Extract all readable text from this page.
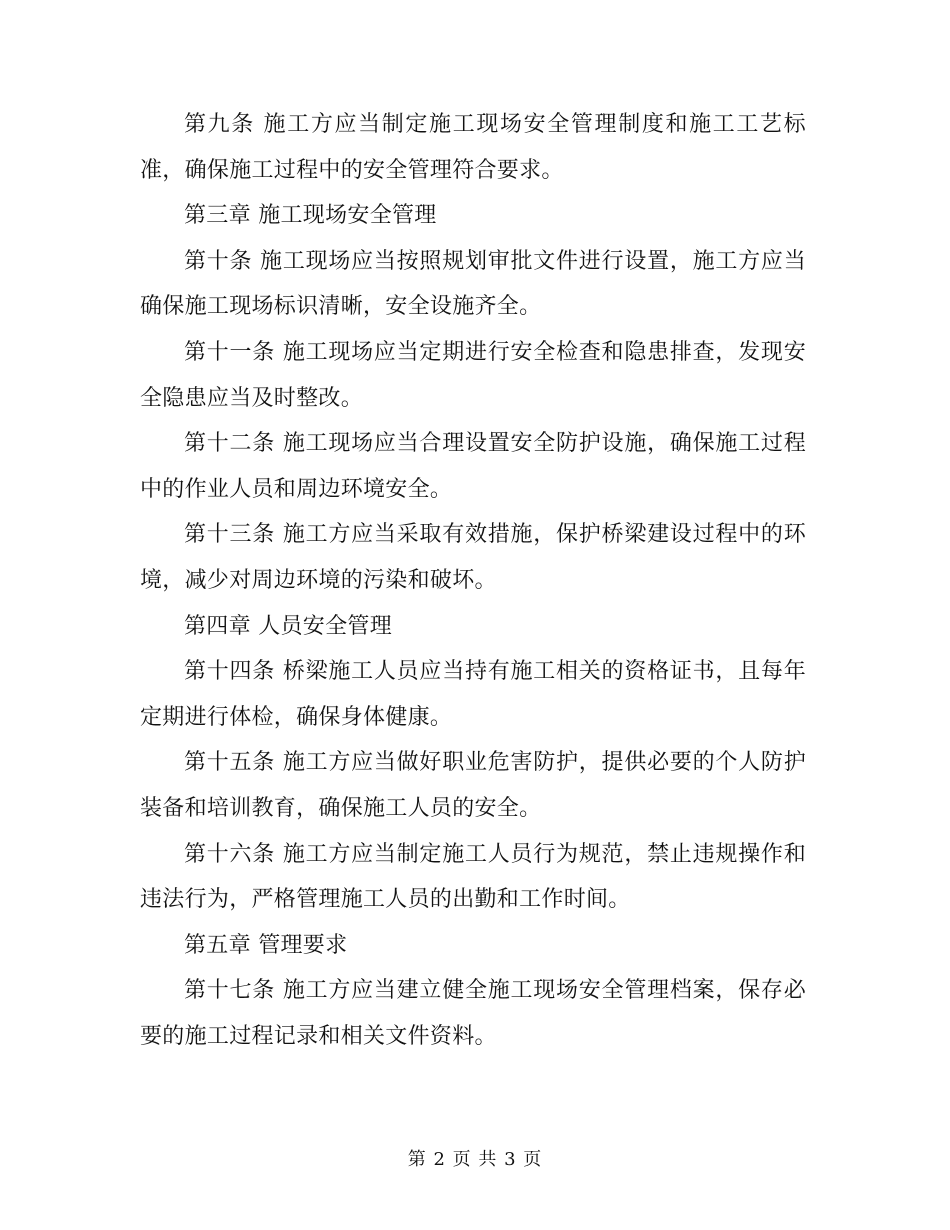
第九条 施工方应当制定施工现场安全管理制度和施工工艺标准，确保施工过程中的安全管理符合要求。

第三章 施工现场安全管理

第十条 施工现场应当按照规划审批文件进行设置，施工方应当确保施工现场标识清晰，安全设施齐全。

第十一条 施工现场应当定期进行安全检查和隐患排查，发现安全隐患应当及时整改。

第十二条 施工现场应当合理设置安全防护设施，确保施工过程中的作业人员和周边环境安全。

第十三条 施工方应当采取有效措施，保护桥梁建设过程中的环境，减少对周边环境的污染和破坏。

第四章 人员安全管理

第十四条 桥梁施工人员应当持有施工相关的资格证书，且每年定期进行体检，确保身体健康。

第十五条 施工方应当做好职业危害防护，提供必要的个人防护装备和培训教育，确保施工人员的安全。

第十六条 施工方应当制定施工人员行为规范，禁止违规操作和违法行为，严格管理施工人员的出勤和工作时间。

第五章 管理要求

第十七条 施工方应当建立健全施工现场安全管理档案，保存必要的施工过程记录和相关文件资料。

第 2 页 共 3 页
